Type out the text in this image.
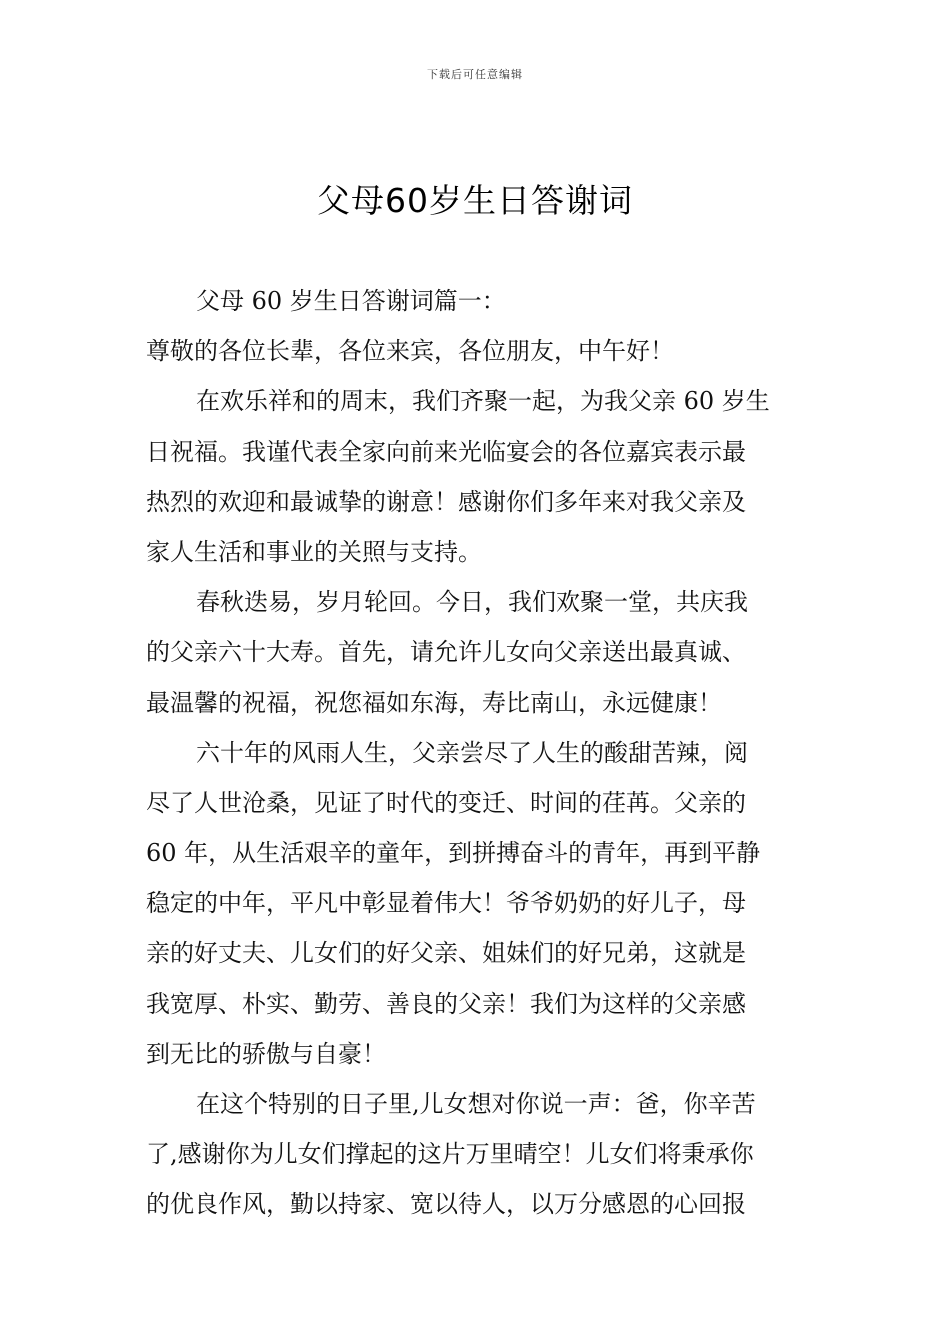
下载后可任意编辑
父母60岁生日答谢词
父母 60 岁生日答谢词篇一：
尊敬的各位长辈，各位来宾，各位朋友，中午好！
在欢乐祥和的周末，我们齐聚一起，为我父亲 60 岁生
日祝福。我谨代表全家向前来光临宴会的各位嘉宾表示最
热烈的欢迎和最诚挚的谢意！感谢你们多年来对我父亲及
家人生活和事业的关照与支持。
春秋迭易，岁月轮回。今日，我们欢聚一堂，共庆我
的父亲六十大寿。首先，请允许儿女向父亲送出最真诚、
最温馨的祝福，祝您福如东海，寿比南山，永远健康！
六十年的风雨人生，父亲尝尽了人生的酸甜苦辣，阅
尽了人世沧桑，见证了时代的变迁、时间的荏苒。父亲的
60 年，从生活艰辛的童年，到拼搏奋斗的青年，再到平静
稳定的中年，平凡中彰显着伟大！爷爷奶奶的好儿子，母
亲的好丈夫、儿女们的好父亲、姐妹们的好兄弟，这就是
我宽厚、朴实、勤劳、善良的父亲！我们为这样的父亲感
到无比的骄傲与自豪！
在这个特别的日子里,儿女想对你说一声：爸，你辛苦
了,感谢你为儿女们撑起的这片万里晴空！儿女们将秉承你
的优良作风，勤以持家、宽以待人，以万分感恩的心回报
